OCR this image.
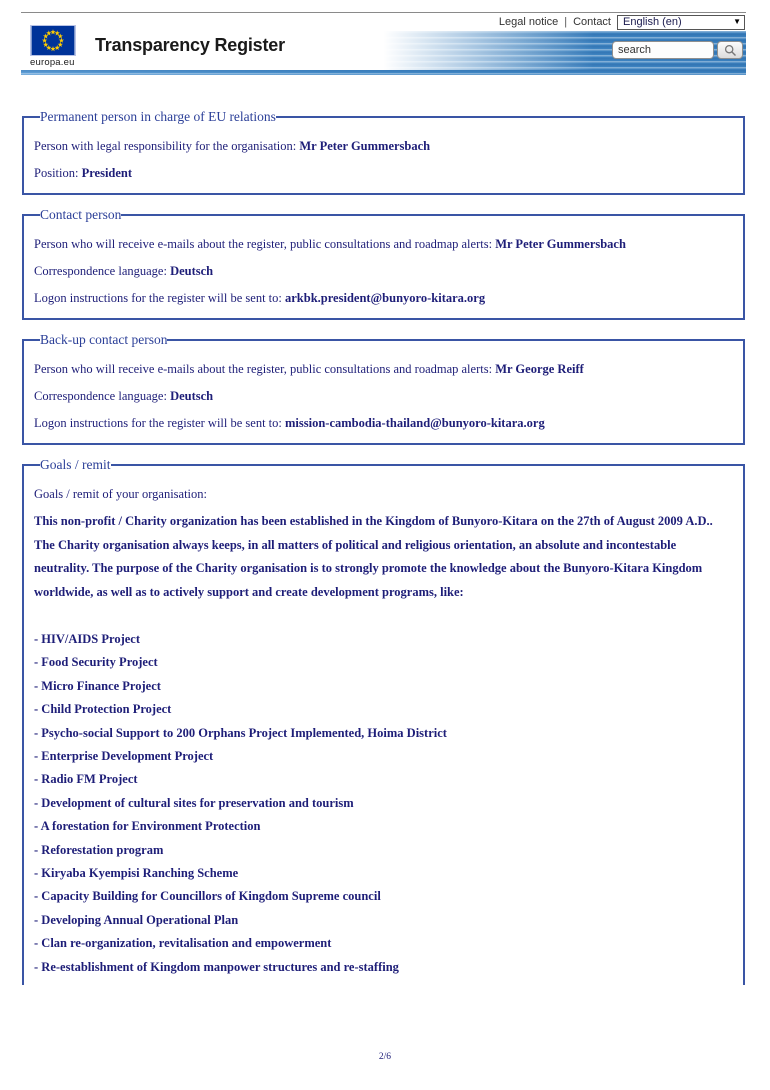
Legal notice | Contact English (en)	▼
europa.eu
Transparency Register
search
Permanent person in charge of EU relations

Person with legal responsibility for the organisation: Mr Peter Gummersbach

Position: President

Contact person

Person who will receive e-mails about the register, public consultations and roadmap alerts: Mr Peter Gummersbach

Correspondence language: Deutsch

Logon instructions for the register will be sent to: arkbk.president@bunyoro-kitara.org

Back-up contact person

Person who will receive e-mails about the register, public consultations and roadmap alerts: Mr George Reiff

Correspondence language: Deutsch

Logon instructions for the register will be sent to: mission-cambodia-thailand@bunyoro-kitara.org

Goals / remit

Goals / remit of your organisation:

This non-profit / Charity organization has been established in the Kingdom of Bunyoro-Kitara on the 27th of August 2009 A.D.. The Charity organisation always keeps, in all matters of political and religious orientation, an absolute and incontestable neutrality. The purpose of the Charity organisation is to strongly promote the knowledge about the Bunyoro-Kitara Kingdom worldwide, as well as to actively support and create development programs, like:

- HIV/AIDS Project

- Food Security Project

- Micro Finance Project

- Child Protection Project

- Psycho-social Support to 200 Orphans Project Implemented, Hoima District

- Enterprise Development Project

- Radio FM Project

- Development of cultural sites for preservation and tourism

- A forestation for Environment Protection

- Reforestation program

- Kiryaba Kyempisi Ranching Scheme

- Capacity Building for Councillors of Kingdom Supreme council

- Developing Annual Operational Plan

- Clan re-organization, revitalisation and empowerment

- Re-establishment of Kingdom manpower structures and re-staffing

2/6
